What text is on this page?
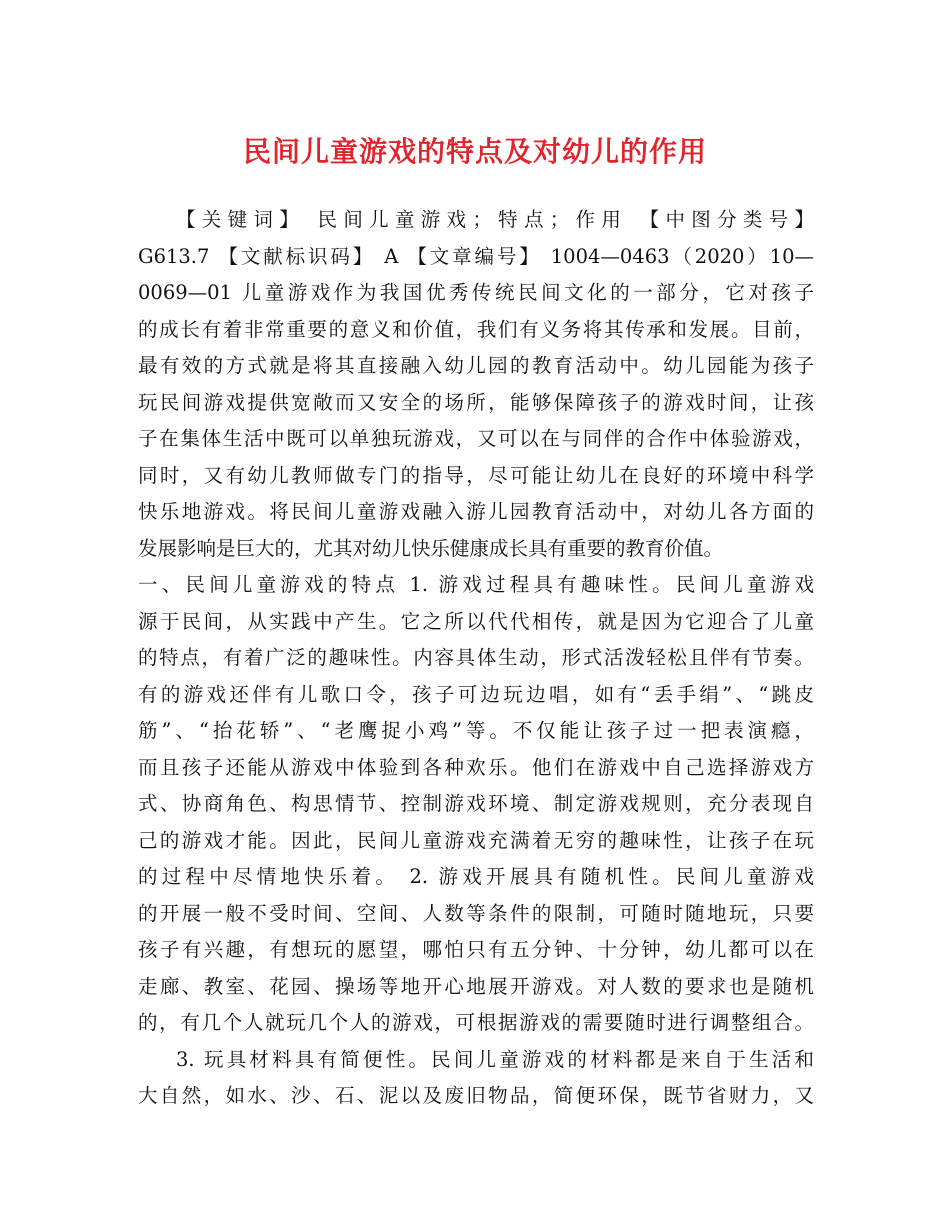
民间儿童游戏的特点及对幼儿的作用
【关键词】 民间儿童游戏；特点；作用 【中图分类号】
G613.7 【文献标识码】 A 【文章编号】 1004—0463（2020）10—
0069—01 儿童游戏作为我国优秀传统民间文化的一部分，它对孩子
的成长有着非常重要的意义和价值，我们有义务将其传承和发展。目前，
最有效的方式就是将其直接融入幼儿园的教育活动中。幼儿园能为孩子
玩民间游戏提供宽敞而又安全的场所，能够保障孩子的游戏时间，让孩
子在集体生活中既可以单独玩游戏，又可以在与同伴的合作中体验游戏，
同时，又有幼儿教师做专门的指导，尽可能让幼儿在良好的环境中科学
快乐地游戏。将民间儿童游戏融入游儿园教育活动中，对幼儿各方面的
发展影响是巨大的，尤其对幼儿快乐健康成长具有重要的教育价值。
一、民间儿童游戏的特点 1. 游戏过程具有趣味性。民间儿童游戏
源于民间，从实践中产生。它之所以代代相传，就是因为它迎合了儿童
的特点，有着广泛的趣味性。内容具体生动，形式活泼轻松且伴有节奏。
有的游戏还伴有儿歌口令，孩子可边玩边唱，如有“丢手绢”、“跳皮
筋”、“抬花轿”、“老鹰捉小鸡”等。不仅能让孩子过一把表演瘾，
而且孩子还能从游戏中体验到各种欢乐。他们在游戏中自己选择游戏方
式、协商角色、构思情节、控制游戏环境、制定游戏规则，充分表现自
己的游戏才能。因此，民间儿童游戏充满着无穷的趣味性，让孩子在玩
的过程中尽情地快乐着。 2. 游戏开展具有随机性。民间儿童游戏
的开展一般不受时间、空间、人数等条件的限制，可随时随地玩，只要
孩子有兴趣，有想玩的愿望，哪怕只有五分钟、十分钟，幼儿都可以在
走廊、教室、花园、操场等地开心地展开游戏。对人数的要求也是随机
的，有几个人就玩几个人的游戏，可根据游戏的需要随时进行调整组合。
3. 玩具材料具有简便性。民间儿童游戏的材料都是来自于生活和
大自然，如水、沙、石、泥以及废旧物品，简便环保，既节省财力，又
